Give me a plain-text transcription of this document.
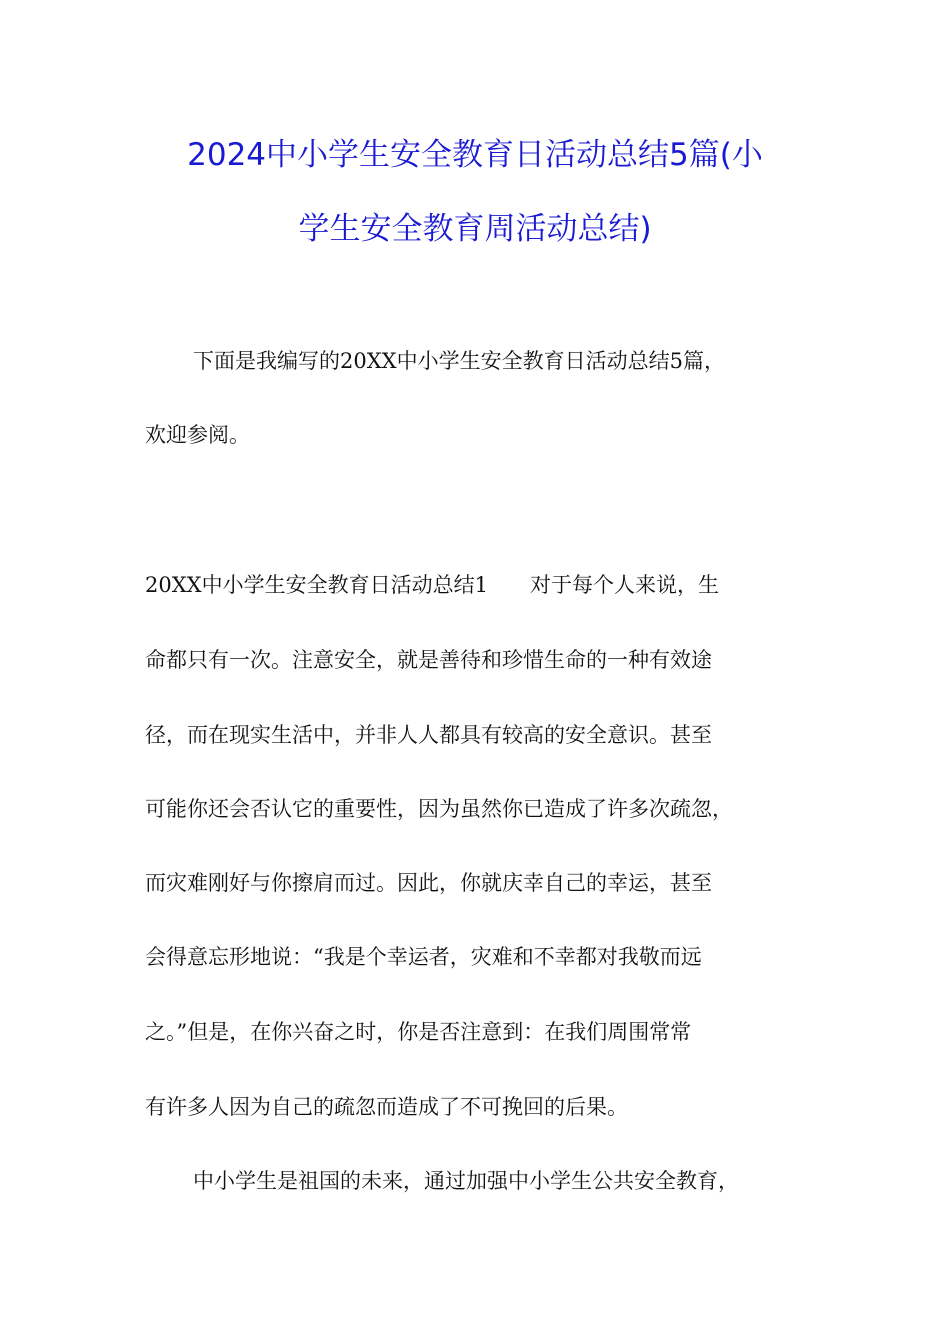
2024中小学生安全教育日活动总结5篇(小
学生安全教育周活动总结)
下面是我编写的20XX中小学生安全教育日活动总结5篇，
欢迎参阅。
20XX中小学生安全教育日活动总结1　　对于每个人来说，生
命都只有一次。注意安全，就是善待和珍惜生命的一种有效途
径，而在现实生活中，并非人人都具有较高的安全意识。甚至
可能你还会否认它的重要性，因为虽然你已造成了许多次疏忽，
而灾难刚好与你擦肩而过。因此，你就庆幸自己的幸运，甚至
会得意忘形地说：“我是个幸运者，灾难和不幸都对我敬而远
之。”但是，在你兴奋之时，你是否注意到：在我们周围常常
有许多人因为自己的疏忽而造成了不可挽回的后果。
中小学生是祖国的未来，通过加强中小学生公共安全教育，
